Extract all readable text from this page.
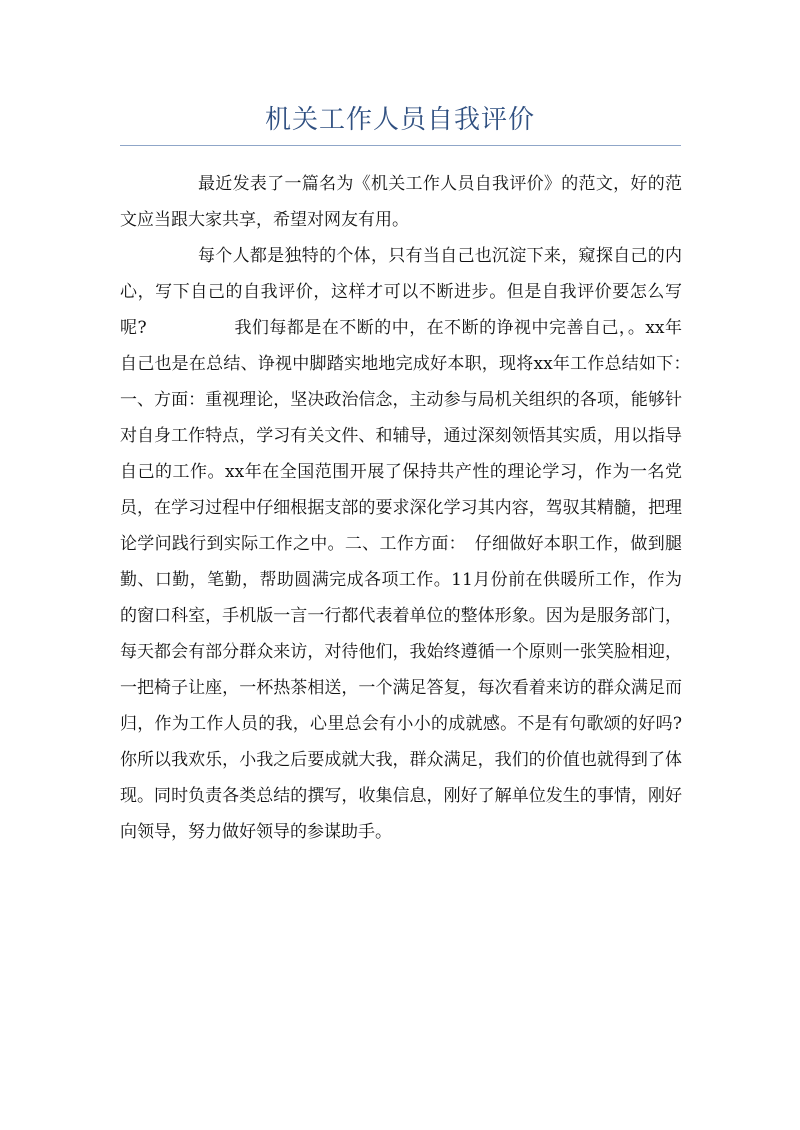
机关工作人员自我评价

最近发表了一篇名为《机关工作人员自我评价》的范文，好的范文应当跟大家共享，希望对网友有用。

每个人都是独特的个体，只有当自己也沉淀下来，窥探自己的内心，写下自己的自我评价，这样才可以不断进步。但是自我评价要怎么写呢?　　　　　我们每都是在不断的中，在不断的诤视中完善自己，。xx年自己也是在总结、诤视中脚踏实地地完成好本职，现将xx年工作总结如下：　一、方面：重视理论，坚决政治信念，主动参与局机关组织的各项，能够针对自身工作特点，学习有关文件、和辅导，通过深刻领悟其实质，用以指导自己的工作。xx年在全国范围开展了保持共产性的理论学习，作为一名党员，在学习过程中仔细根据支部的要求深化学习其内容，驾驭其精髓，把理论学问践行到实际工作之中。二、工作方面：　仔细做好本职工作，做到腿勤、口勤，笔勤，帮助圆满完成各项工作。11月份前在供暖所工作，作为的窗口科室，手机版一言一行都代表着单位的整体形象。因为是服务部门，每天都会有部分群众来访，对待他们，我始终遵循一个原则一张笑脸相迎，一把椅子让座，一杯热茶相送，一个满足答复，每次看着来访的群众满足而归，作为工作人员的我，心里总会有小小的成就感。不是有句歌颂的好吗?你所以我欢乐，小我之后要成就大我，群众满足，我们的价值也就得到了体现。同时负责各类总结的撰写，收集信息，刚好了解单位发生的事情，刚好向领导，努力做好领导的参谋助手。
